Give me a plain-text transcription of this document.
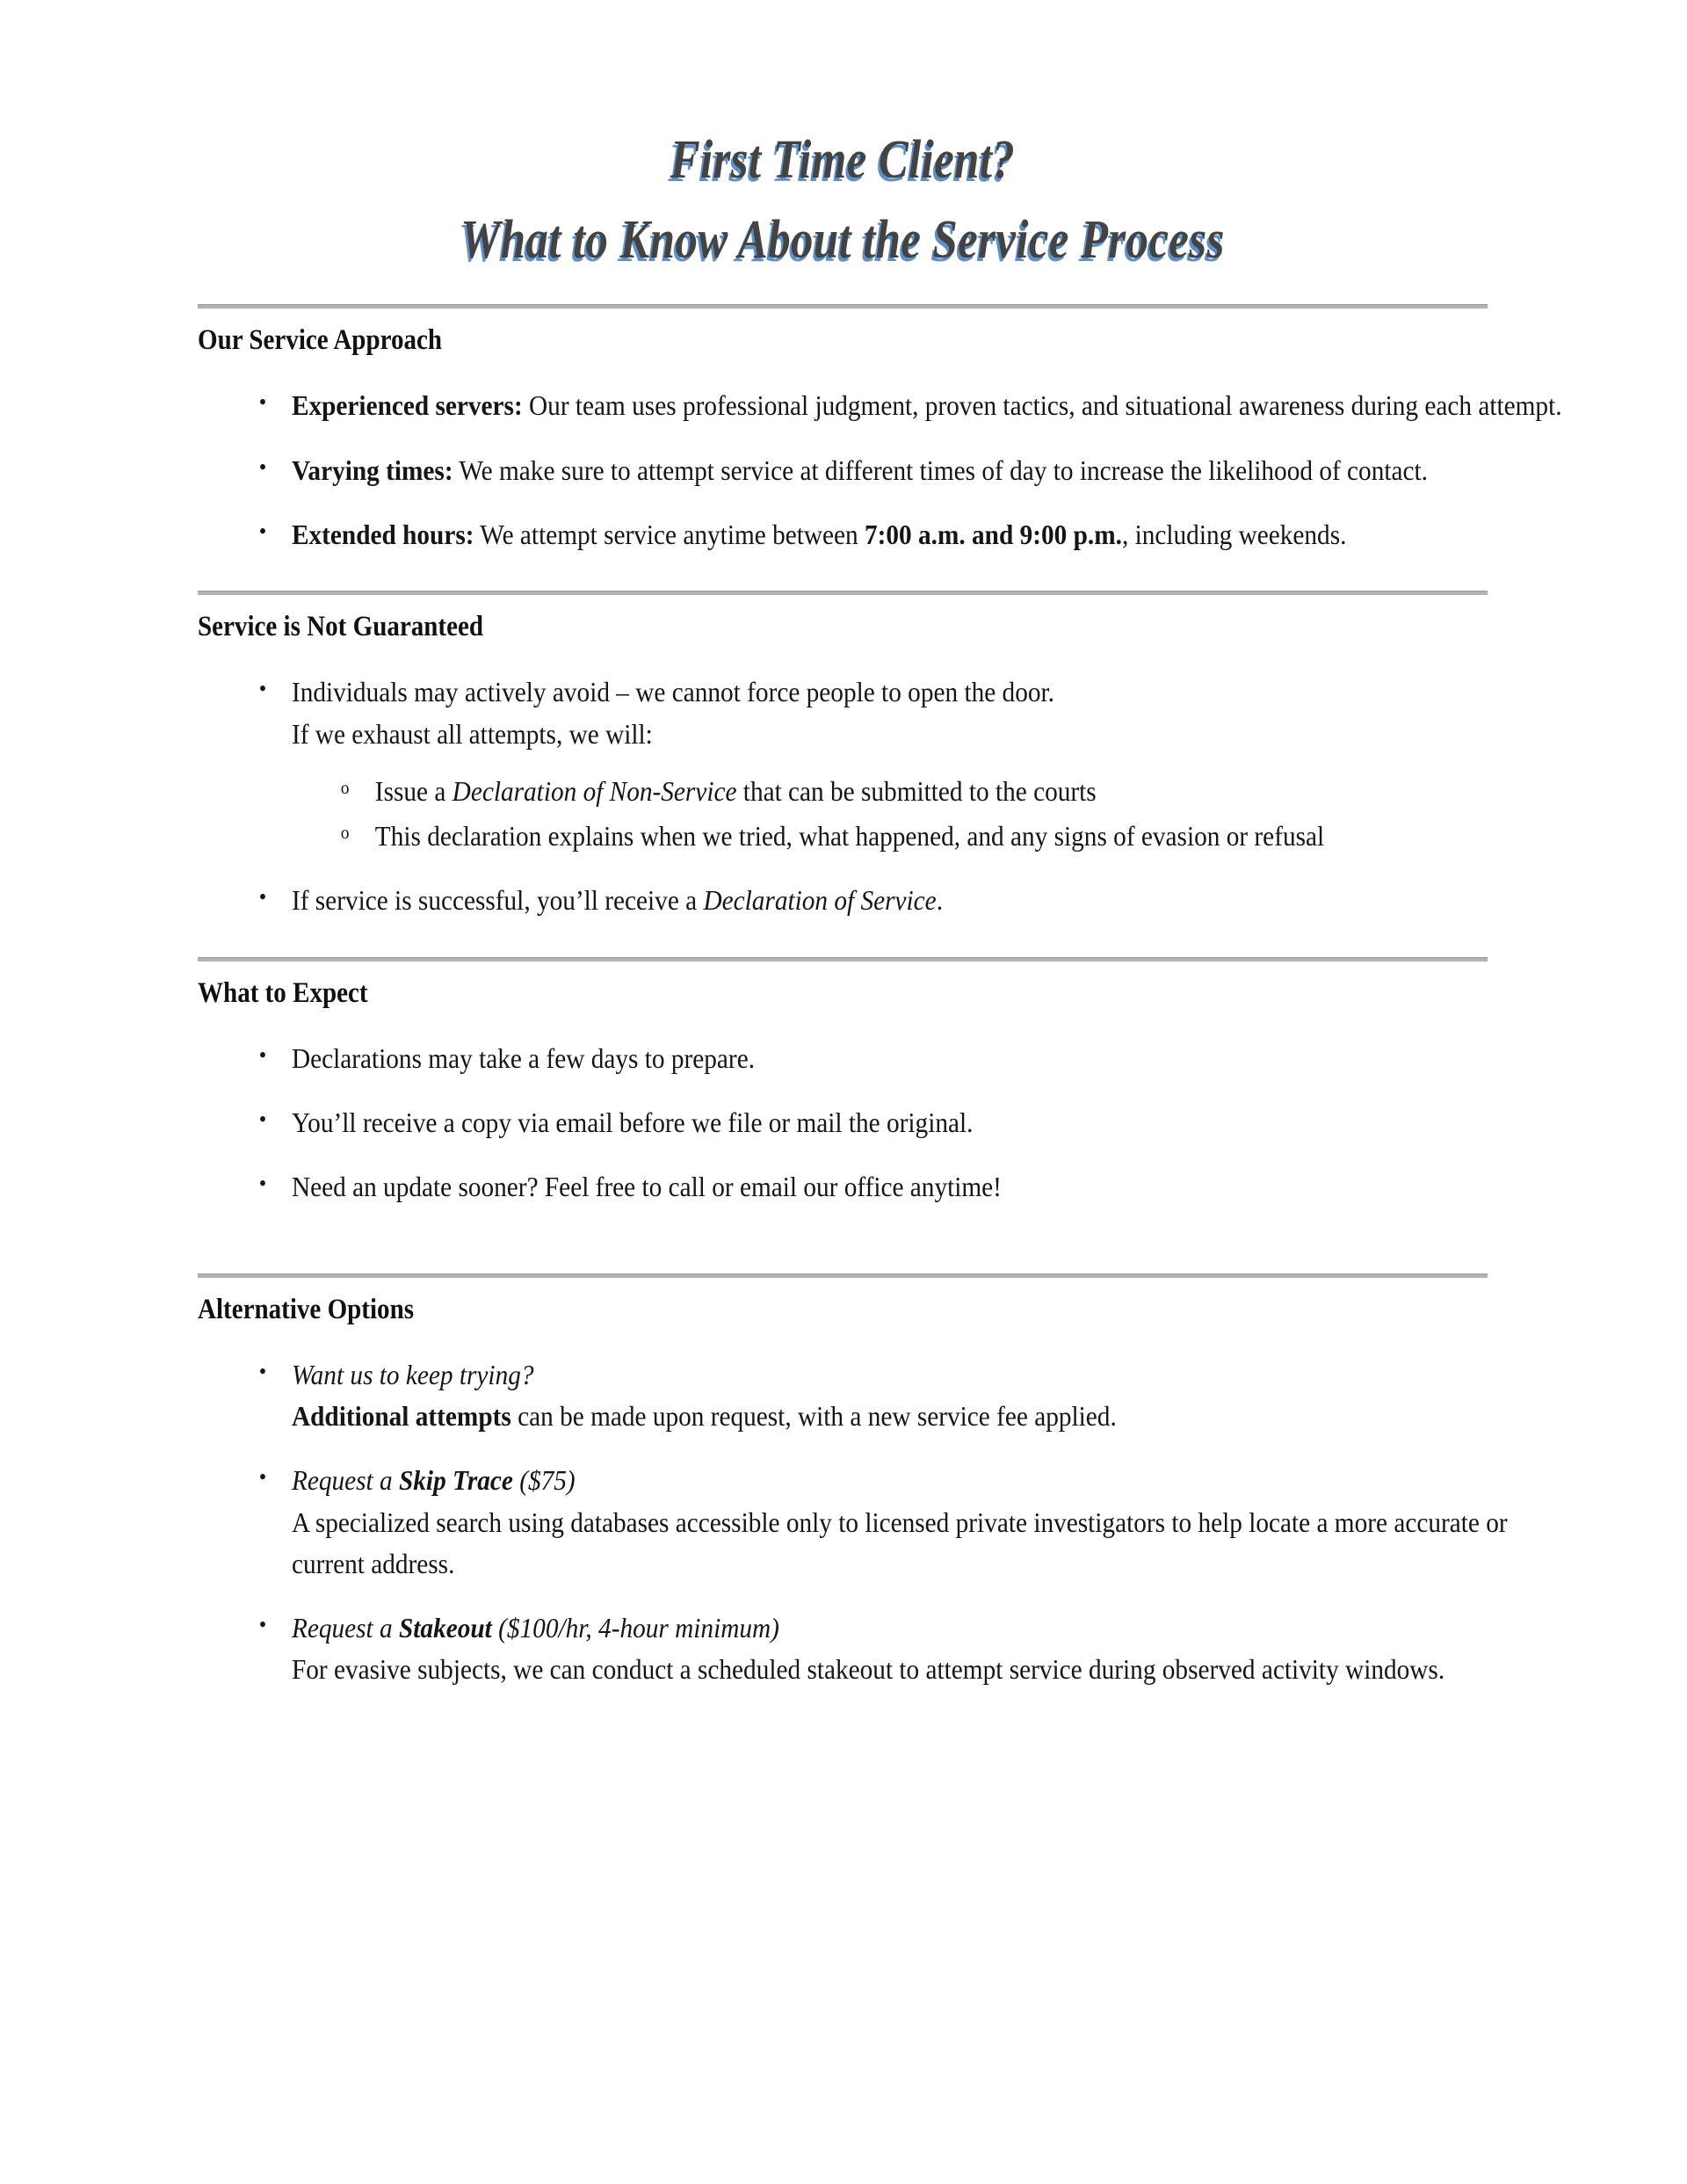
First Time Client?
What to Know About the Service Process
Our Service Approach
• Experienced servers: Our team uses professional judgment, proven tactics, and situational awareness during each attempt.
• Varying times: We make sure to attempt service at different times of day to increase the likelihood of contact.
• Extended hours: We attempt service anytime between 7:00 a.m. and 9:00 p.m., including weekends.
Service is Not Guaranteed
• Individuals may actively avoid – we cannot force people to open the door.
If we exhaust all attempts, we will:
o Issue a Declaration of Non-Service that can be submitted to the courts
o This declaration explains when we tried, what happened, and any signs of evasion or refusal
• If service is successful, you’ll receive a Declaration of Service.
What to Expect
• Declarations may take a few days to prepare.
• You’ll receive a copy via email before we file or mail the original.
• Need an update sooner? Feel free to call or email our office anytime!
Alternative Options
• Want us to keep trying?
Additional attempts can be made upon request, with a new service fee applied.
• Request a Skip Trace ($75)
A specialized search using databases accessible only to licensed private investigators to help locate a more accurate or current address.
• Request a Stakeout ($100/hr, 4-hour minimum)
For evasive subjects, we can conduct a scheduled stakeout to attempt service during observed activity windows.
